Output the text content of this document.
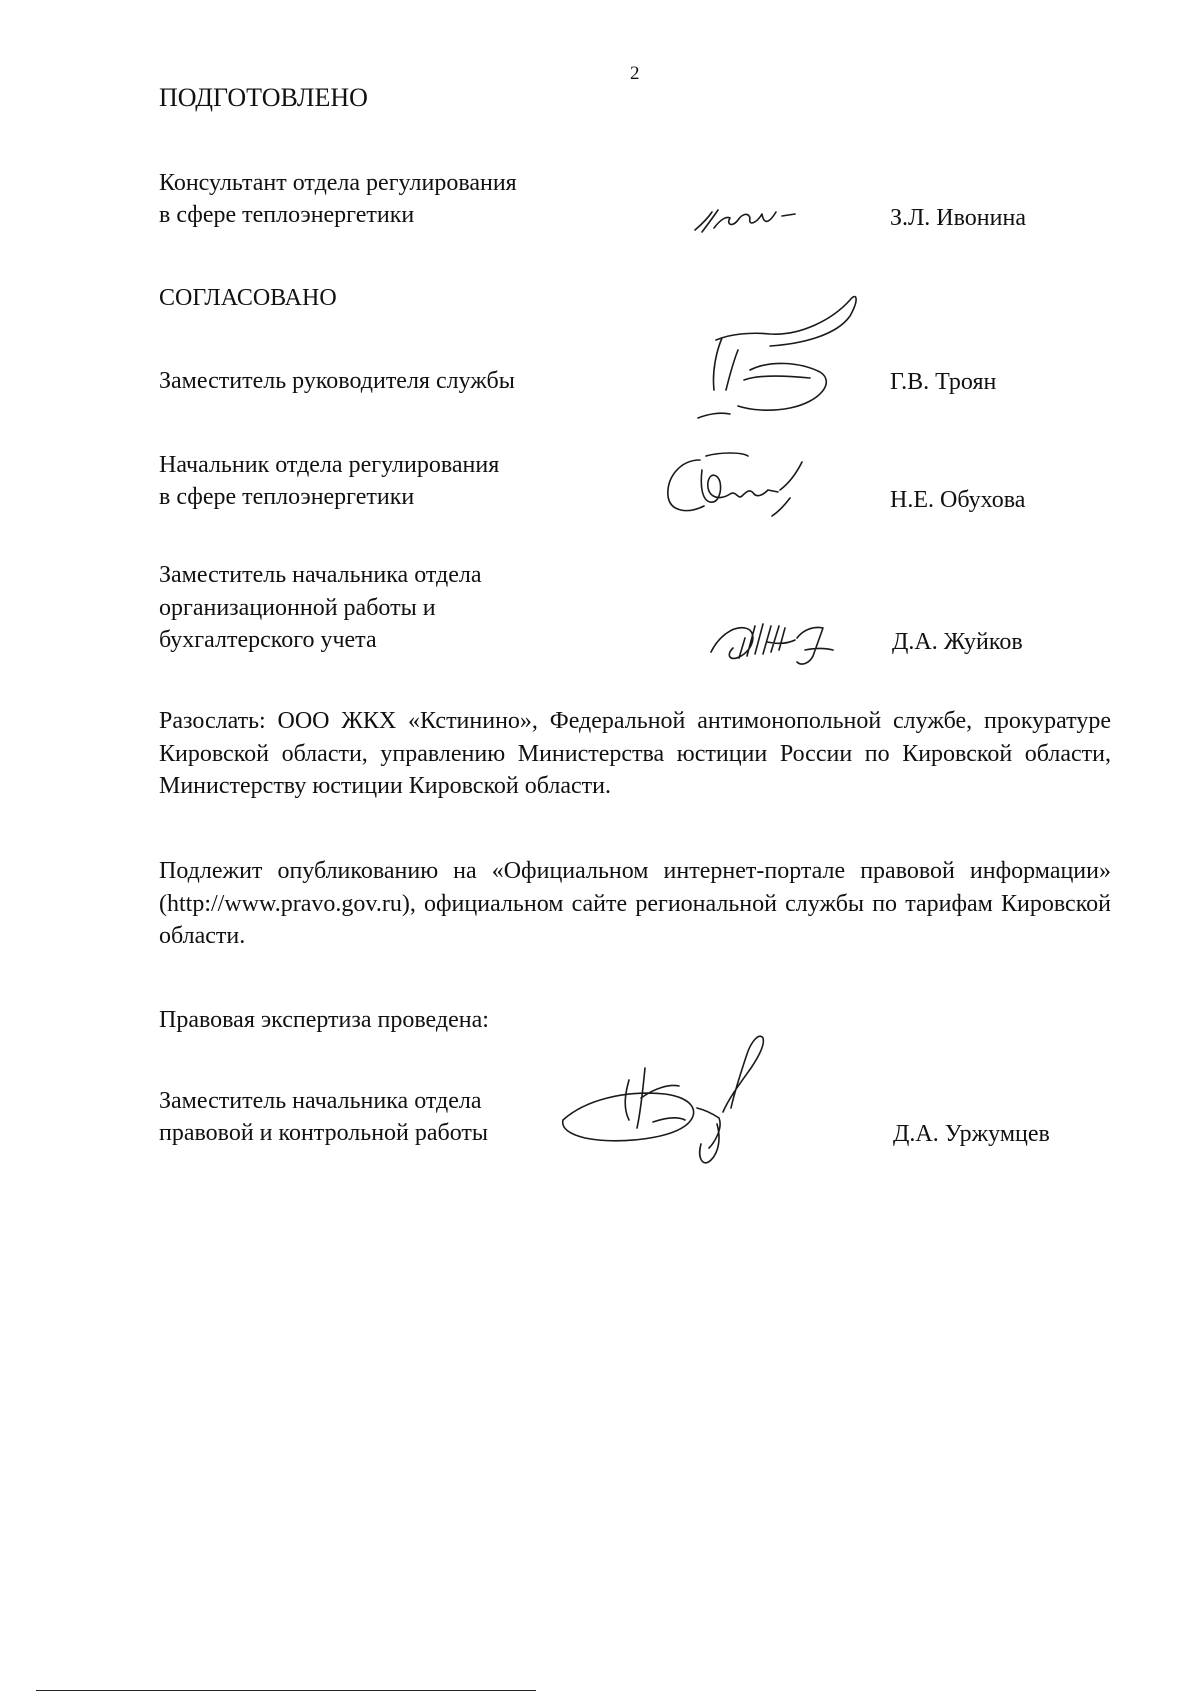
2
ПОДГОТОВЛЕНО
Консультант отдела регулирования
в сфере теплоэнергетики	З.Л. Ивонина
СОГЛАСОВАНО
Заместитель руководителя службы	Г.В. Троян
Начальник отдела регулирования
в сфере теплоэнергетики	Н.Е. Обухова
Заместитель начальника отдела
организационной работы и
бухгалтерского учета	Д.А. Жуйков
Разослать: ООО ЖКХ «Кстинино», Федеральной антимонопольной службе, прокуратуре Кировской области, управлению Министерства юстиции России по Кировской области, Министерству юстиции Кировской области.
Подлежит опубликованию на «Официальном интернет-портале правовой информации» (http://www.pravo.gov.ru), официальном сайте региональной службы по тарифам Кировской области.
Правовая экспертиза проведена:
Заместитель начальника отдела
правовой и контрольной работы	Д.А. Уржумцев
